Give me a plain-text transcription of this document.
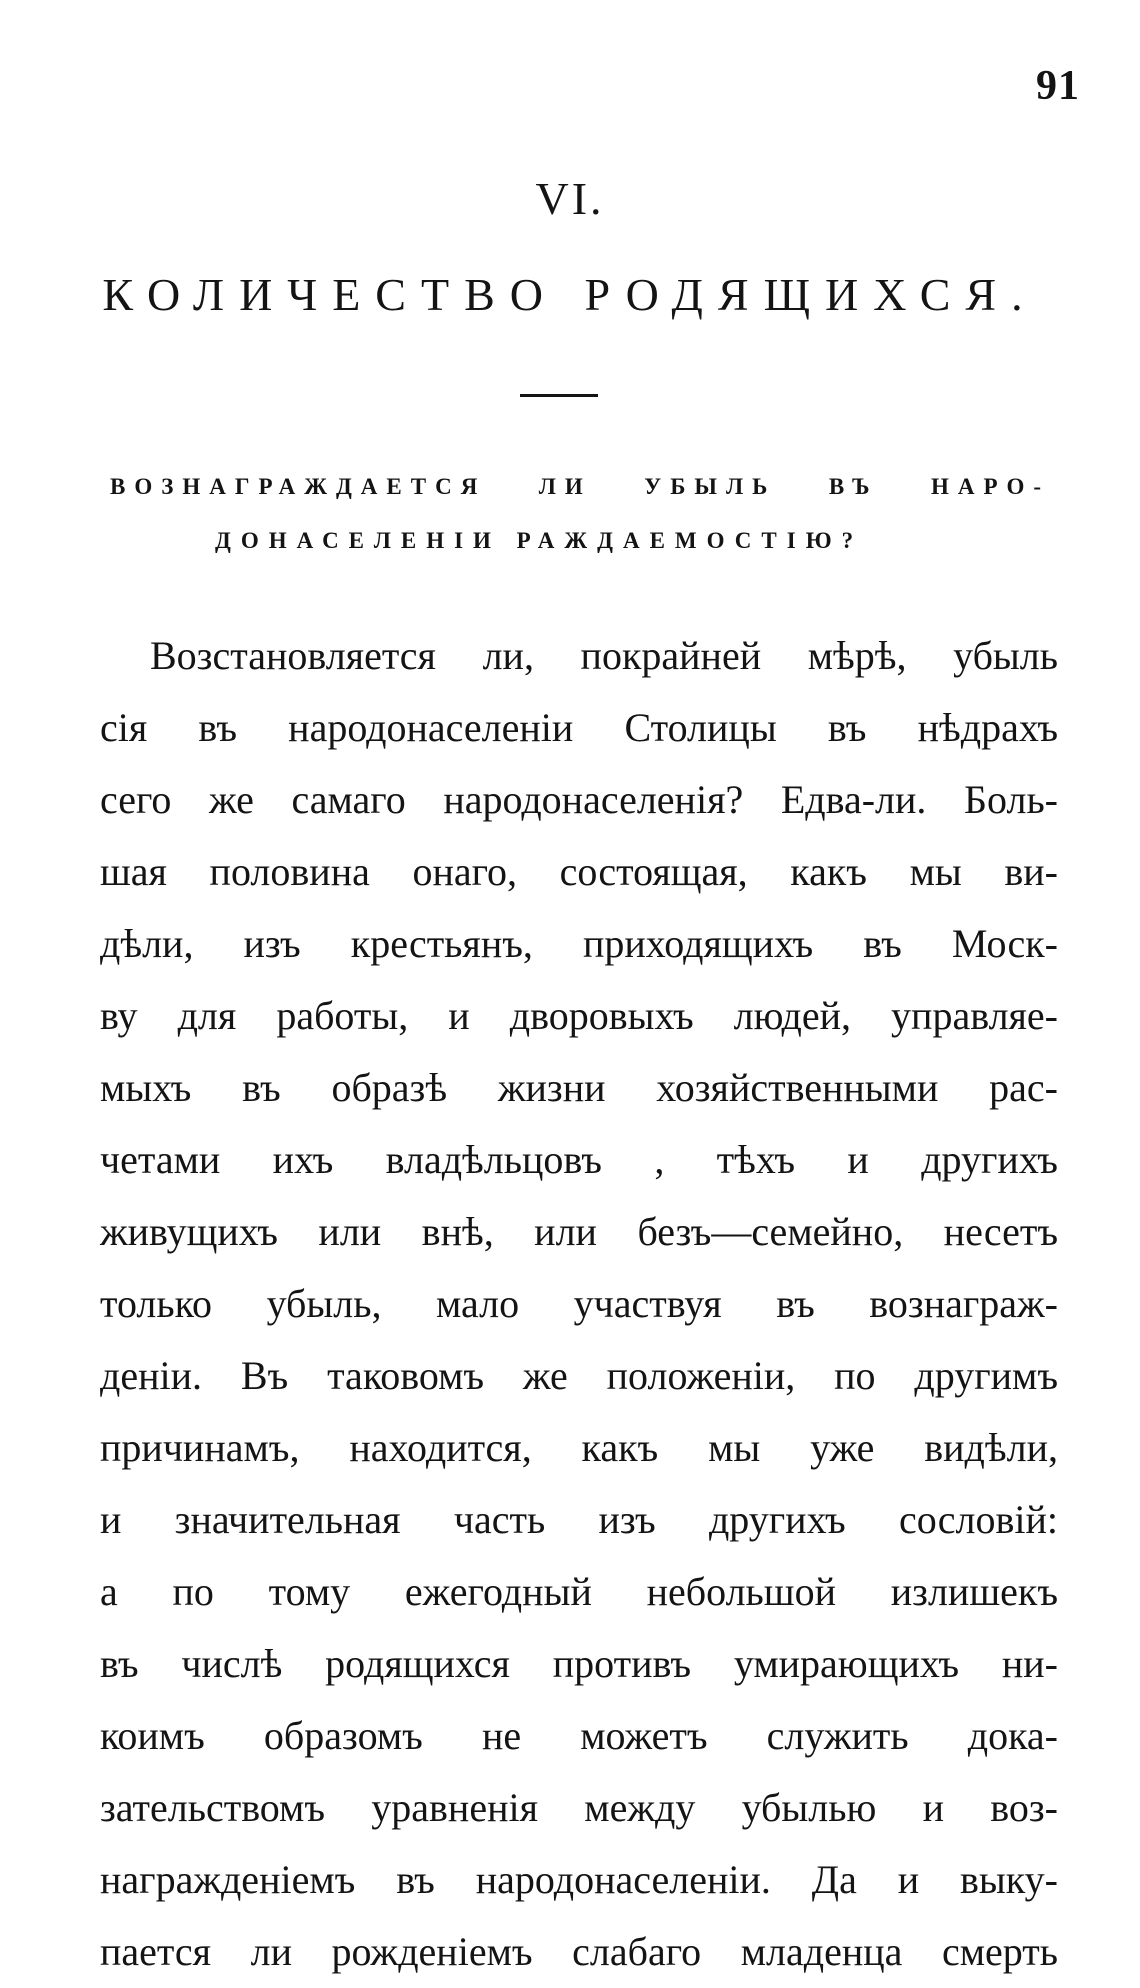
91
VI.
КОЛИЧЕСТВО РОДЯЩИХСЯ.
ВОЗНАГРАЖДАЕТСЯ ЛИ УБЫЛЬ ВЪ НАРО-
ДОНАСЕЛЕНІИ РАЖДАЕМОСТІЮ?
Возстановляется ли, покрайней мѣрѣ, убыль
сія въ народонаселеніи Столицы въ нѣдрахъ
сего же самаго народонаселенія? Едва-ли. Боль-
шая половина онаго, состоящая, какъ мы ви-
дѣли, изъ крестьянъ, приходящихъ въ Моск-
ву для работы, и дворовыхъ людей, управляе-
мыхъ въ образѣ жизни хозяйственными рас-
четами ихъ владѣльцовъ , тѣхъ и другихъ
живущихъ или внѣ, или безъ—семейно, несетъ
только убыль, мало участвуя въ вознаграж-
деніи. Въ таковомъ же положеніи, по другимъ
причинамъ, находится, какъ мы уже видѣли,
и значительная часть изъ другихъ сословій:
а по тому ежегодный небольшой излишекъ
въ числѣ родящихся противъ умирающихъ ни-
коимъ образомъ не можетъ служить дока-
зательствомъ уравненія между убылью и воз-
награжденіемъ въ народонаселеніи. Да и выку-
пается ли рожденіемъ слабаго младенца смерть
